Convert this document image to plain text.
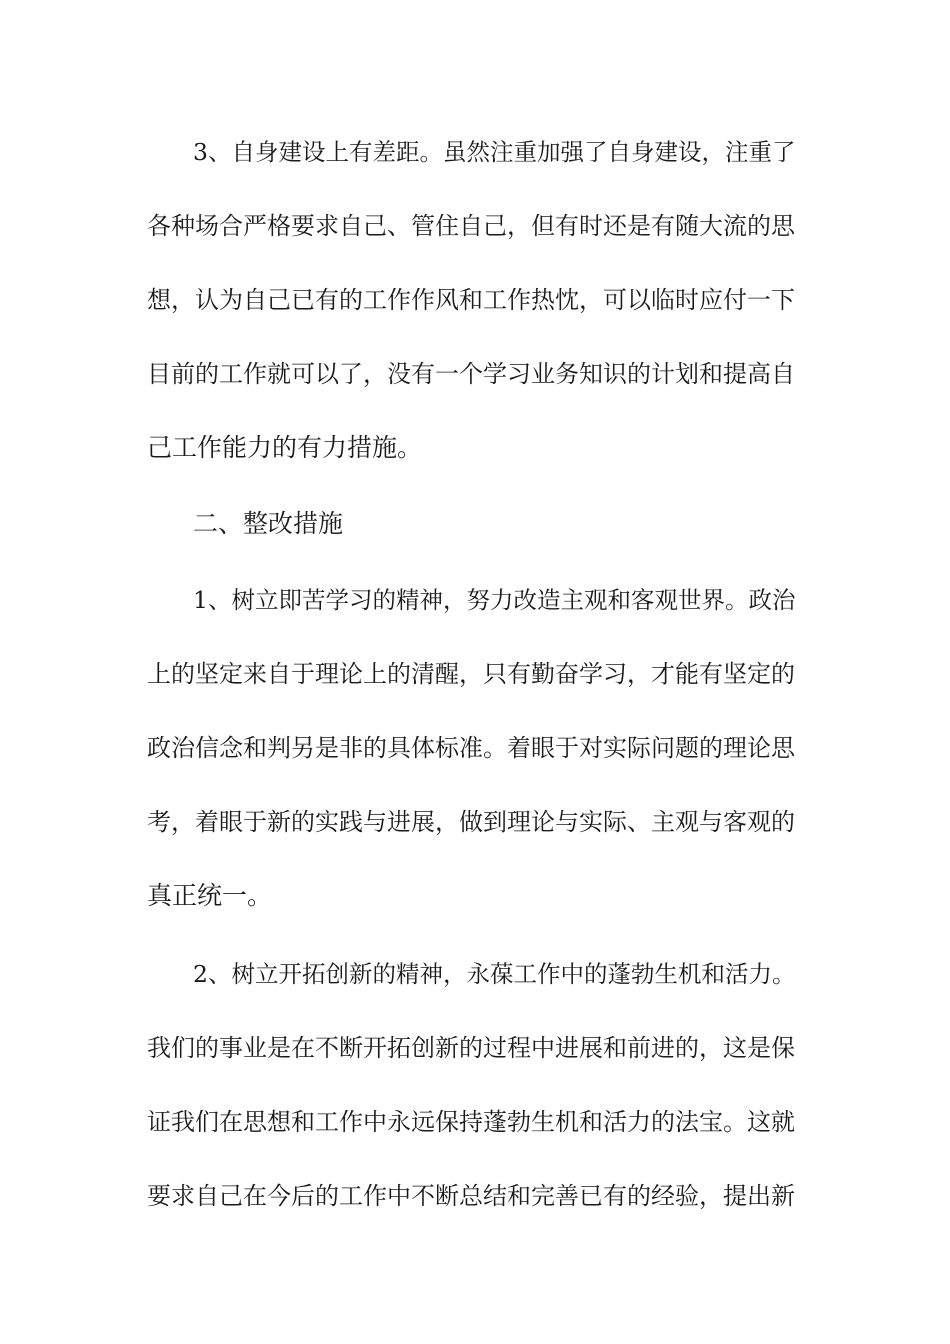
3、自身建设上有差距。虽然注重加强了自身建设，注重了
各种场合严格要求自己、管住自己，但有时还是有随大流的思
想，认为自己已有的工作作风和工作热忱，可以临时应付一下
目前的工作就可以了，没有一个学习业务知识的计划和提高自
己工作能力的有力措施。
二、整改措施
1、树立即苦学习的精神，努力改造主观和客观世界。政治
上的坚定来自于理论上的清醒，只有勤奋学习，才能有坚定的
政治信念和判另是非的具体标准。着眼于对实际问题的理论思
考，着眼于新的实践与进展，做到理论与实际、主观与客观的
真正统一。
2、树立开拓创新的精神，永葆工作中的蓬勃生机和活力。
我们的事业是在不断开拓创新的过程中进展和前进的，这是保
证我们在思想和工作中永远保持蓬勃生机和活力的法宝。这就
要求自己在今后的工作中不断总结和完善已有的经验，提出新
